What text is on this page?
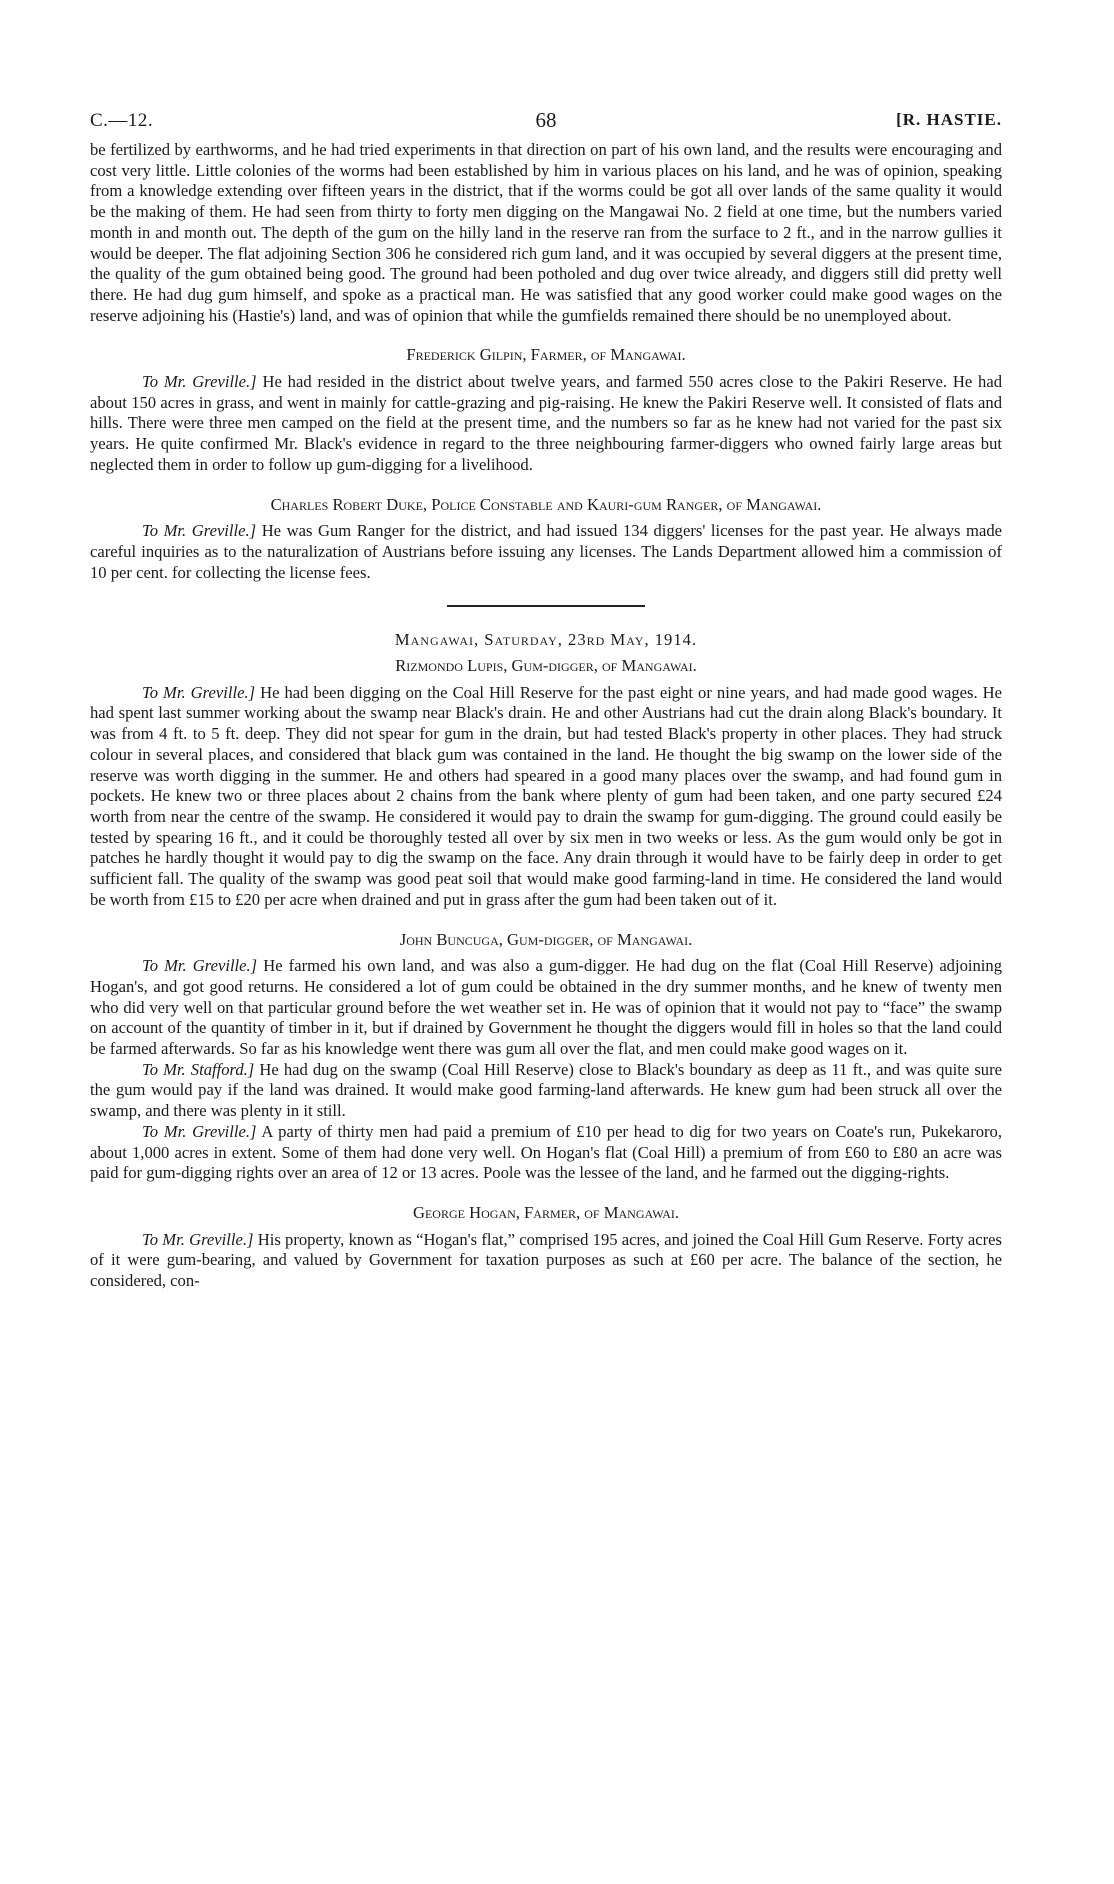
C.—12.	68	[R. HASTIE.

be fertilized by earthworms, and he had tried experiments in that direction on part of his own land, and the results were encouraging and cost very little. Little colonies of the worms had been established by him in various places on his land, and he was of opinion, speaking from a knowledge extending over fifteen years in the district, that if the worms could be got all over lands of the same quality it would be the making of them. He had seen from thirty to forty men digging on the Mangawai No. 2 field at one time, but the numbers varied month in and month out. The depth of the gum on the hilly land in the reserve ran from the surface to 2 ft., and in the narrow gullies it would be deeper. The flat adjoining Section 306 he considered rich gum land, and it was occupied by several diggers at the present time, the quality of the gum obtained being good. The ground had been potholed and dug over twice already, and diggers still did pretty well there. He had dug gum himself, and spoke as a practical man. He was satisfied that any good worker could make good wages on the reserve adjoining his (Hastie's) land, and was of opinion that while the gumfields remained there should be no unemployed about.

Frederick Gilpin, Farmer, of Mangawai.

To Mr. Greville.] He had resided in the district about twelve years, and farmed 550 acres close to the Pakiri Reserve. He had about 150 acres in grass, and went in mainly for cattle-grazing and pig-raising. He knew the Pakiri Reserve well. It consisted of flats and hills. There were three men camped on the field at the present time, and the numbers so far as he knew had not varied for the past six years. He quite confirmed Mr. Black's evidence in regard to the three neighbouring farmer-diggers who owned fairly large areas but neglected them in order to follow up gum-digging for a livelihood.

Charles Robert Duke, Police Constable and Kauri-gum Ranger, of Mangawai.

To Mr. Greville.] He was Gum Ranger for the district, and had issued 134 diggers' licenses for the past year. He always made careful inquiries as to the naturalization of Austrians before issuing any licenses. The Lands Department allowed him a commission of 10 per cent. for collecting the license fees.

Mangawai, Saturday, 23rd May, 1914.
Rizmondo Lupis, Gum-digger, of Mangawai.

To Mr. Greville.] He had been digging on the Coal Hill Reserve for the past eight or nine years, and had made good wages. He had spent last summer working about the swamp near Black's drain. He and other Austrians had cut the drain along Black's boundary. It was from 4 ft. to 5 ft. deep. They did not spear for gum in the drain, but had tested Black's property in other places. They had struck colour in several places, and considered that black gum was contained in the land. He thought the big swamp on the lower side of the reserve was worth digging in the summer. He and others had speared in a good many places over the swamp, and had found gum in pockets. He knew two or three places about 2 chains from the bank where plenty of gum had been taken, and one party secured £24 worth from near the centre of the swamp. He considered it would pay to drain the swamp for gum-digging. The ground could easily be tested by spearing 16 ft., and it could be thoroughly tested all over by six men in two weeks or less. As the gum would only be got in patches he hardly thought it would pay to dig the swamp on the face. Any drain through it would have to be fairly deep in order to get sufficient fall. The quality of the swamp was good peat soil that would make good farming-land in time. He considered the land would be worth from £15 to £20 per acre when drained and put in grass after the gum had been taken out of it.

John Buncuga, Gum-digger, of Mangawai.

To Mr. Greville.] He farmed his own land, and was also a gum-digger. He had dug on the flat (Coal Hill Reserve) adjoining Hogan's, and got good returns. He considered a lot of gum could be obtained in the dry summer months, and he knew of twenty men who did very well on that particular ground before the wet weather set in. He was of opinion that it would not pay to “face” the swamp on account of the quantity of timber in it, but if drained by Government he thought the diggers would fill in holes so that the land could be farmed afterwards. So far as his knowledge went there was gum all over the flat, and men could make good wages on it.

To Mr. Stafford.] He had dug on the swamp (Coal Hill Reserve) close to Black's boundary as deep as 11 ft., and was quite sure the gum would pay if the land was drained. It would make good farming-land afterwards. He knew gum had been struck all over the swamp, and there was plenty in it still.

To Mr. Greville.] A party of thirty men had paid a premium of £10 per head to dig for two years on Coate's run, Pukekaroro, about 1,000 acres in extent. Some of them had done very well. On Hogan's flat (Coal Hill) a premium of from £60 to £80 an acre was paid for gum-digging rights over an area of 12 or 13 acres. Poole was the lessee of the land, and he farmed out the digging-rights.

George Hogan, Farmer, of Mangawai.

To Mr. Greville.] His property, known as “Hogan's flat,” comprised 195 acres, and joined the Coal Hill Gum Reserve. Forty acres of it were gum-bearing, and valued by Government for taxation purposes as such at £60 per acre. The balance of the section, he considered, con-
